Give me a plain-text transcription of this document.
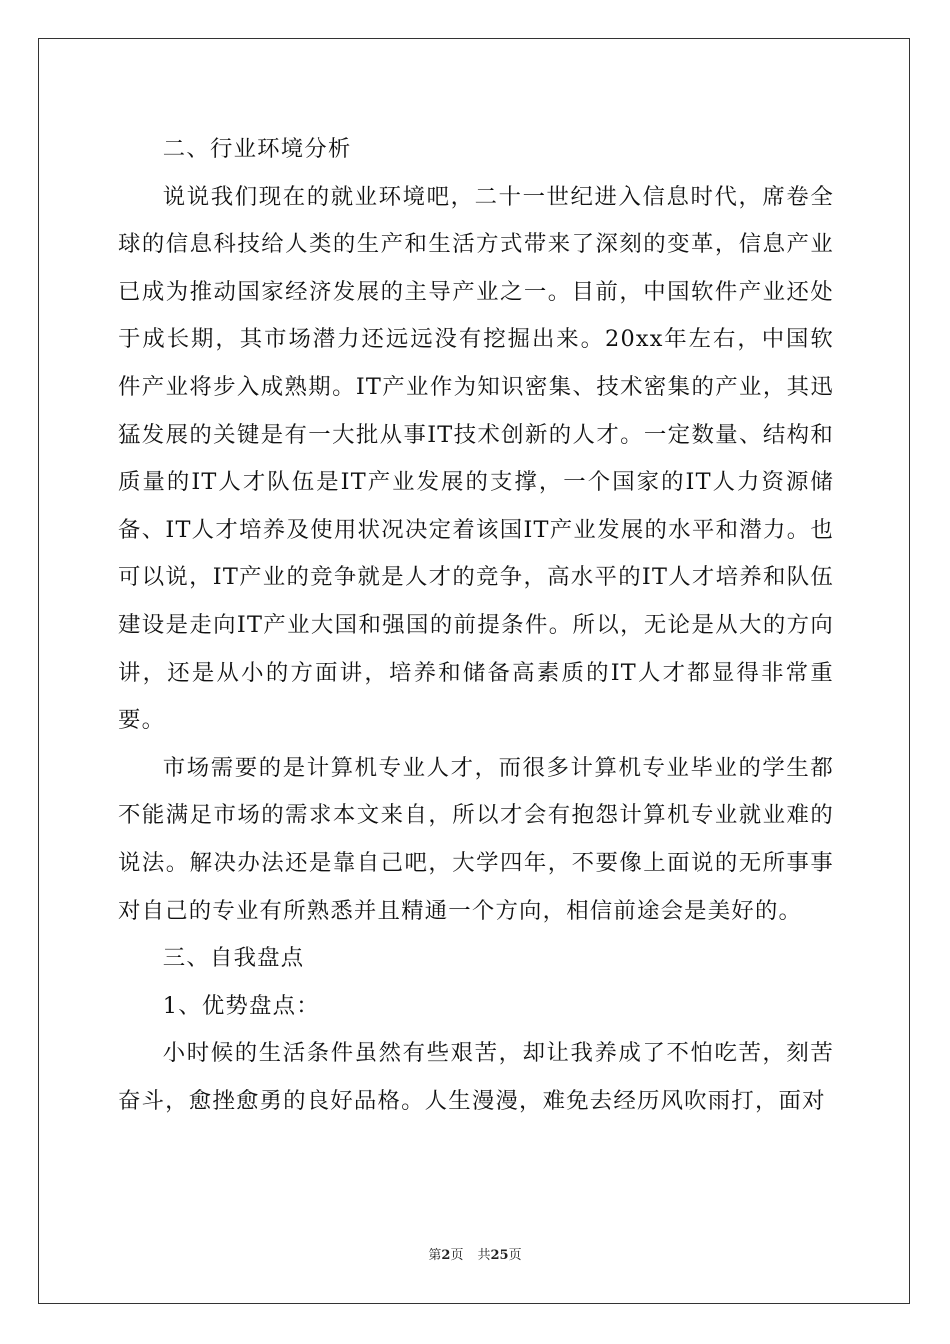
二、行业环境分析

说说我们现在的就业环境吧，二十一世纪进入信息时代，席卷全球的信息科技给人类的生产和生活方式带来了深刻的变革，信息产业已成为推动国家经济发展的主导产业之一。目前，中国软件产业还处于成长期，其市场潜力还远远没有挖掘出来。20xx年左右，中国软件产业将步入成熟期。IT产业作为知识密集、技术密集的产业，其迅猛发展的关键是有一大批从事IT技术创新的人才。一定数量、结构和质量的IT人才队伍是IT产业发展的支撑，一个国家的IT人力资源储备、IT人才培养及使用状况决定着该国IT产业发展的水平和潜力。也可以说，IT产业的竞争就是人才的竞争，高水平的IT人才培养和队伍建设是走向IT产业大国和强国的前提条件。所以，无论是从大的方向讲，还是从小的方面讲，培养和储备高素质的IT人才都显得非常重要。

市场需要的是计算机专业人才，而很多计算机专业毕业的学生都不能满足市场的需求本文来自，所以才会有抱怨计算机专业就业难的说法。解决办法还是靠自己吧，大学四年，不要像上面说的无所事事对自己的专业有所熟悉并且精通一个方向，相信前途会是美好的。

三、自我盘点

1、优势盘点：

小时候的生活条件虽然有些艰苦，却让我养成了不怕吃苦，刻苦奋斗，愈挫愈勇的良好品格。人生漫漫，难免去经历风吹雨打，面对

第2页 共25页
